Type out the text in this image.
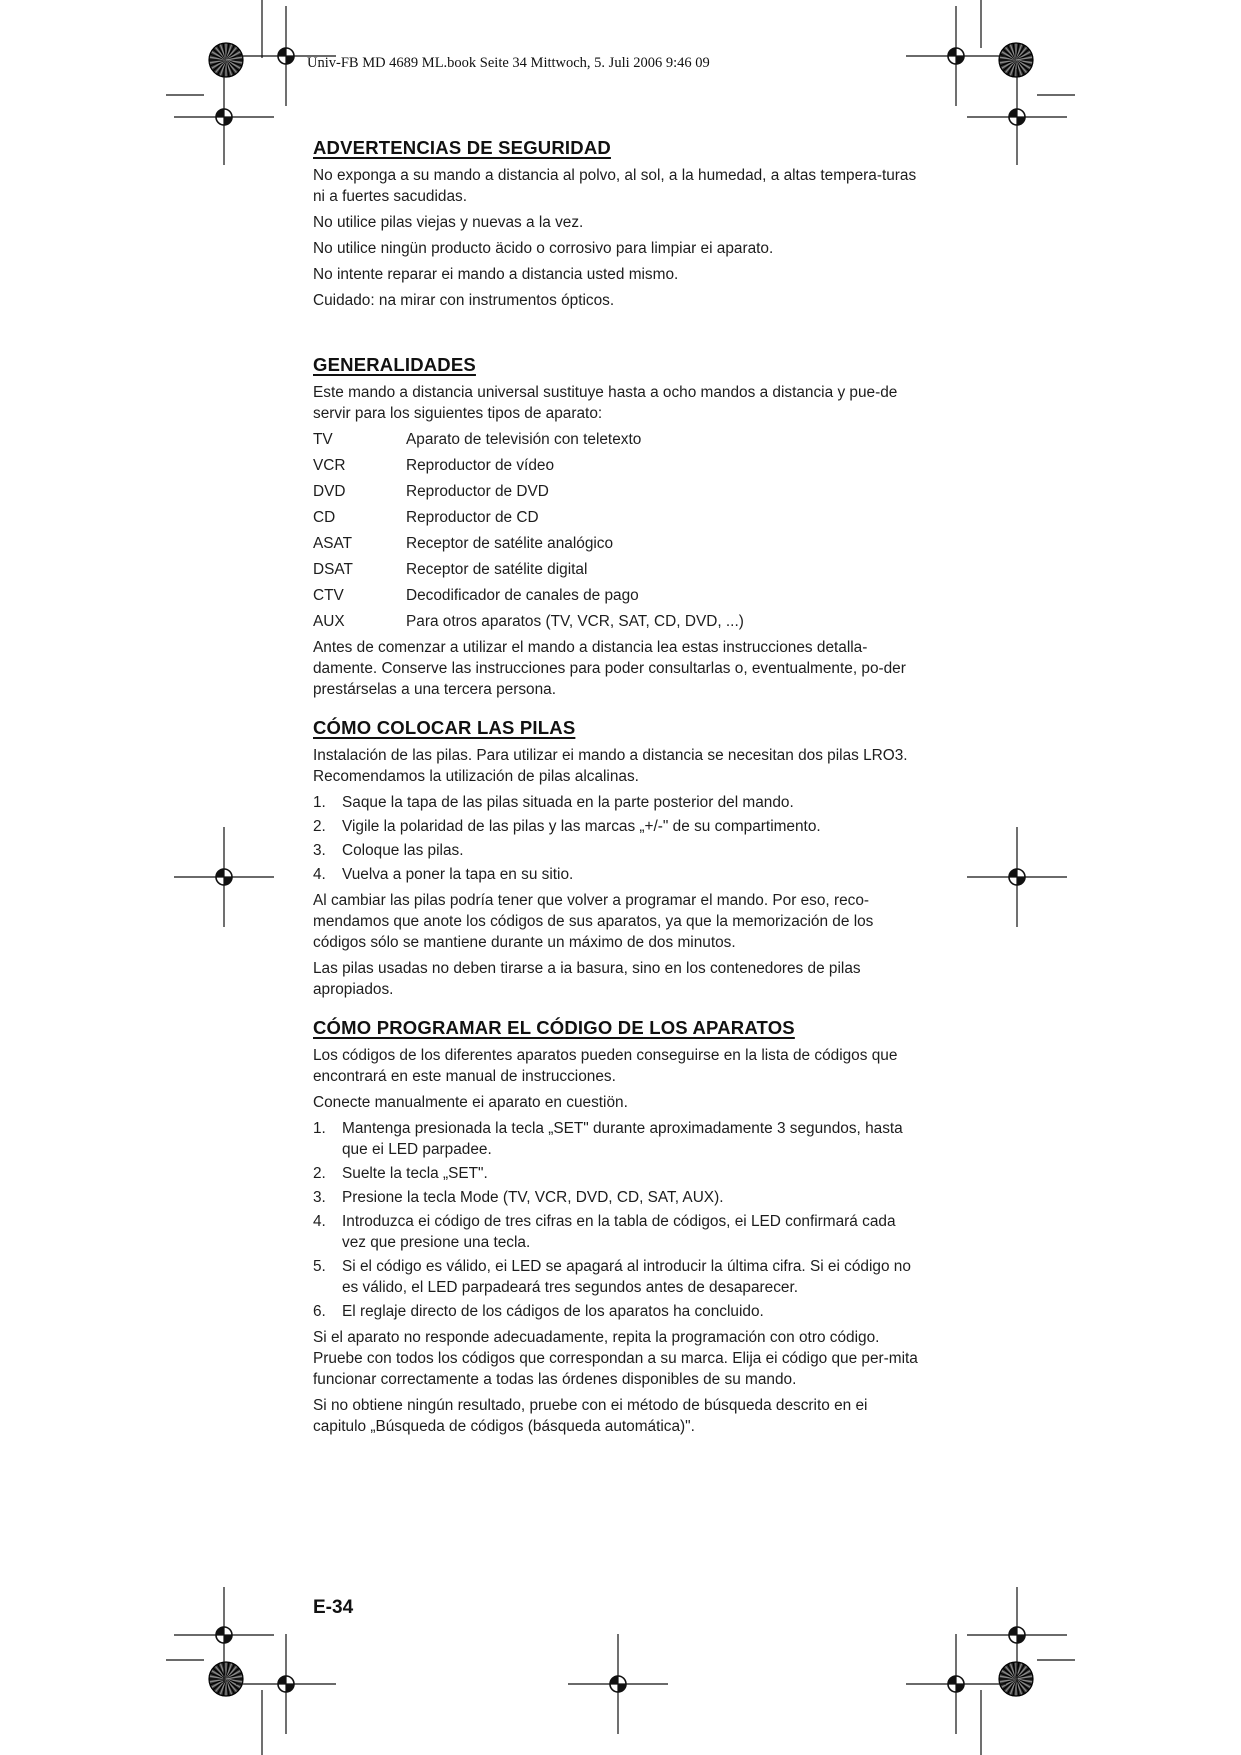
Univ-FB MD 4689 ML.book Seite 34 Mittwoch, 5. Juli 2006 9:46 09
ADVERTENCIAS DE SEGURIDAD

No exponga a su mando a distancia al polvo, al sol, a la humedad, a altas tempera-turas ni a fuertes sacudidas.

No utilice pilas viejas y nuevas a la vez.

No utilice ningün producto äcido o corrosivo para limpiar ei aparato.

No intente reparar ei mando a distancia usted mismo.

Cuidado: na mirar con instrumentos ópticos.

GENERALIDADES

Este mando a distancia universal sustituye hasta a ocho mandos a distancia y pue-de servir para los siguientes tipos de aparato:

TV	Aparato de televisión con teletexto
VCR	Reproductor de vídeo
DVD	Reproductor de DVD
CD	Reproductor de CD
ASAT	Receptor de satélite analógico
DSAT	Receptor de satélite digital
CTV	Decodificador de canales de pago
AUX	Para otros aparatos (TV, VCR, SAT, CD, DVD, ...)

Antes de comenzar a utilizar el mando a distancia lea estas instrucciones detalla-damente. Conserve las instrucciones para poder consultarlas o, eventualmente, po-der prestárselas a una tercera persona.

CÓMO COLOCAR LAS PILAS

Instalación de las pilas. Para utilizar ei mando a distancia se necesitan dos pilas LRO3. Recomendamos la utilización de pilas alcalinas.

1.	Saque la tapa de las pilas situada en la parte posterior del mando.
2.	Vigile la polaridad de las pilas y las marcas „+/-" de su compartimento.
3.	Coloque las pilas.
4.	Vuelva a poner la tapa en su sitio.

Al cambiar las pilas podría tener que volver a programar el mando. Por eso, reco-mendamos que anote los códigos de sus aparatos, ya que la memorización de los códigos sólo se mantiene durante un máximo de dos minutos.

Las pilas usadas no deben tirarse a ia basura, sino en los contenedores de pilas apropiados.

CÓMO PROGRAMAR EL CÓDIGO DE LOS APARATOS

Los códigos de los diferentes aparatos pueden conseguirse en la lista de códigos que encontrará en este manual de instrucciones.

Conecte manualmente ei aparato en cuestiön.

1.	Mantenga presionada la tecla „SET" durante aproximadamente 3 segundos, hasta que ei LED parpadee.
2.	Suelte la tecla „SET".
3.	Presione la tecla Mode (TV, VCR, DVD, CD, SAT, AUX).
4.	Introduzca ei código de tres cifras en la tabla de códigos, ei LED confirmará cada vez que presione una tecla.
5.	Si el código es válido, ei LED se apagará al introducir la última cifra. Si ei código no es válido, el LED parpadeará tres segundos antes de desaparecer.
6.	El reglaje directo de los cádigos de los aparatos ha concluido.

Si el aparato no responde adecuadamente, repita la programación con otro código. Pruebe con todos los códigos que correspondan a su marca. Elija ei código que per-mita funcionar correctamente a todas las órdenes disponibles de su mando.

Si no obtiene ningún resultado, pruebe con ei método de búsqueda descrito en ei capitulo „Búsqueda de códigos (básqueda automática)".

E-34
